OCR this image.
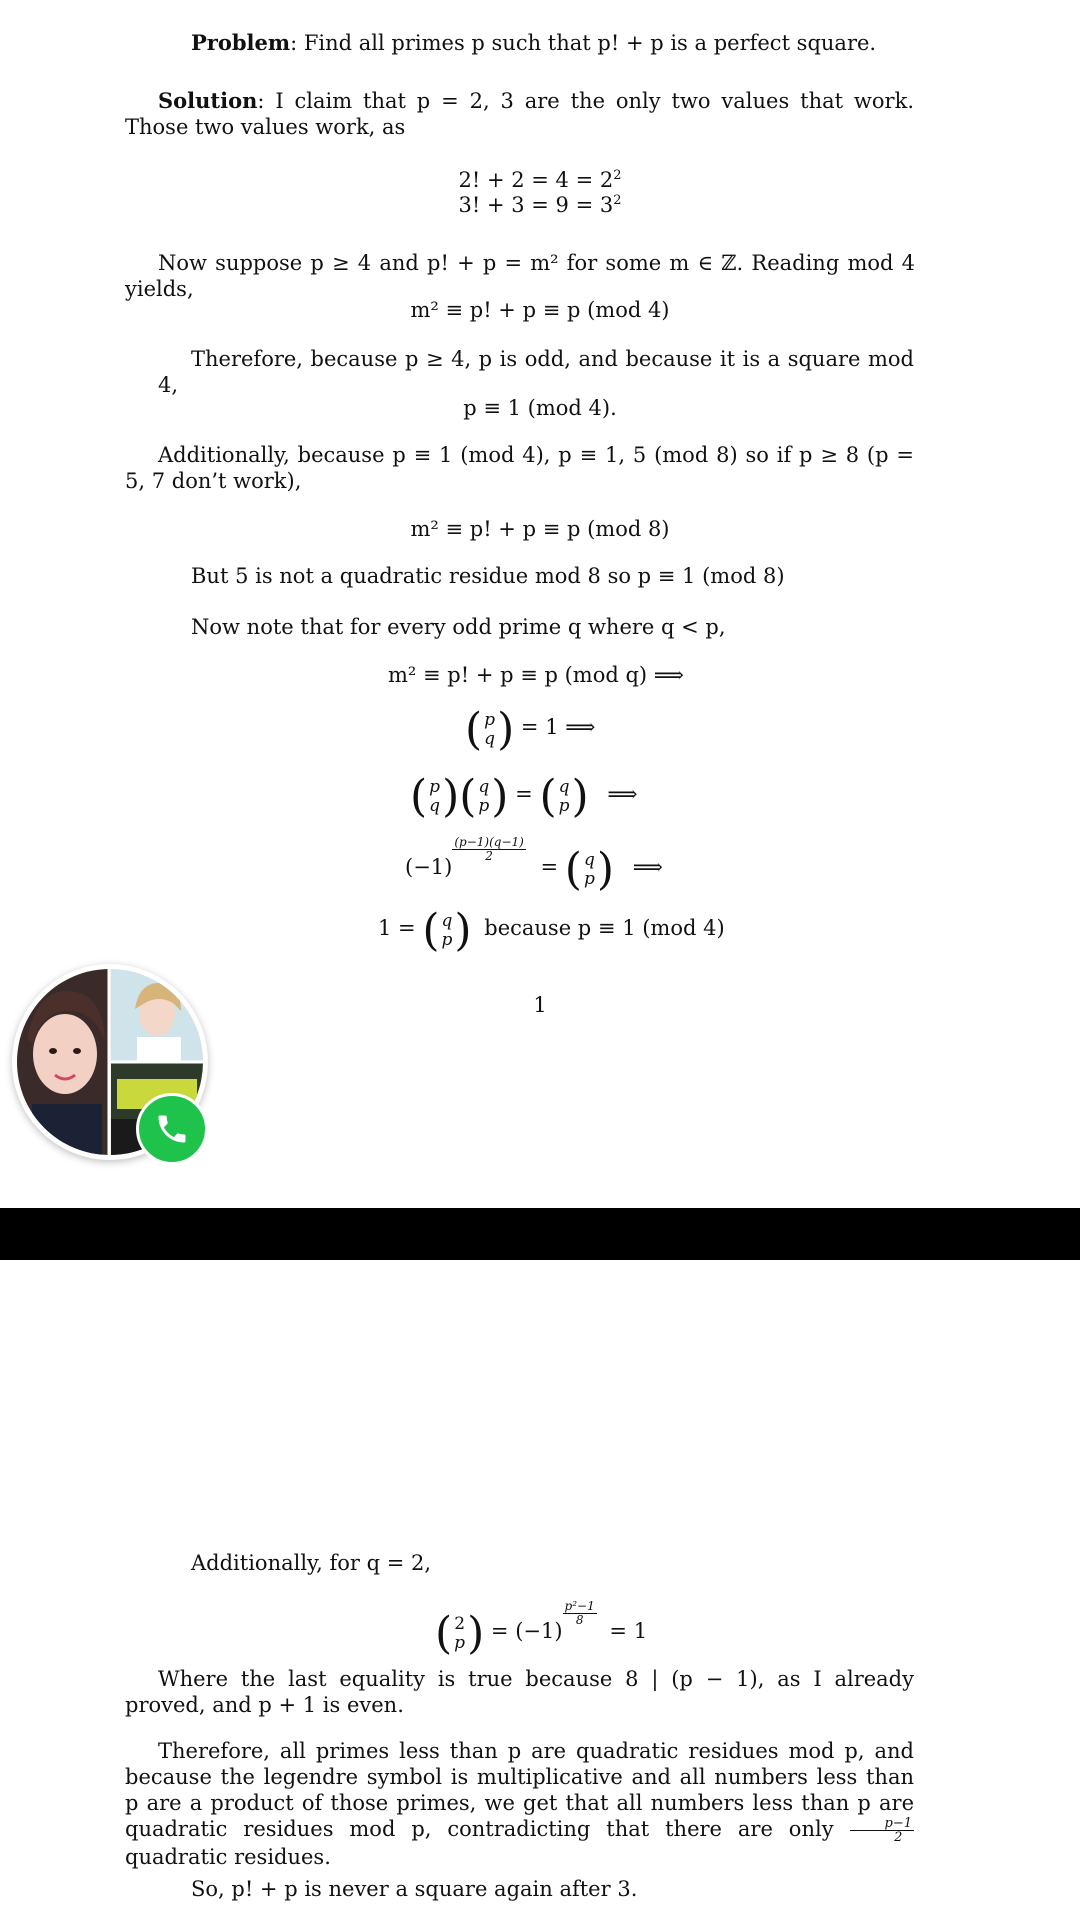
Problem: Find all primes p such that p! + p is a perfect square.
Solution: I claim that p = 2, 3 are the only two values that work. Those two values work, as
2! + $2 = 4 = 2^2$
3! + $3 = 9 = 3^2$
Now suppose p ≥ 4 and p! + p = m² for some m ∈ ℤ. Reading mod 4 yields,
m² ≡ p! + p ≡ p (mod 4)
Therefore, because p ≥ 4, p is odd, and because it is a square mod 4,
p ≡ 1 (mod 4).
Additionally, because p ≡ 1 (mod 4), p ≡ 1, 5 (mod 8) so if p ≥ 8 (p = 5, 7 don’t work),
m² ≡ p! + p ≡ p (mod 8)
But 5 is not a quadratic residue mod 8 so p ≡ 1 (mod 8)
Now note that for every odd prime q where q < p,
m² ≡ p! + p ≡ p (mod q) ⟹
( p
q ) = 1 ⟹
( p
q )( q
p ) = ( q
p ) ⟹
(−1)
$\frac{(p-1)(q-1)}{2}$
= ( q
p ) ⟹
1 = ( q
p ) because p ≡ 1 (mod 4)
1
Additionally, for q = 2,
( 2
p ) = (−1)
$\frac{\text{p²−1}}{8}$
= 1
Where the last equality is true because 8 | (p − 1), as I already proved, and p + 1 is even.
Therefore, all primes less than p are quadratic residues mod p, and because the legendre symbol is multiplicative and all numbers less than p are a product of those primes, we get that all numbers less than p are quadratic residues mod p, contradicting that there are only $\frac{p-1}{2}$
quadratic residues.
So, p! + p is never a square again after 3.
